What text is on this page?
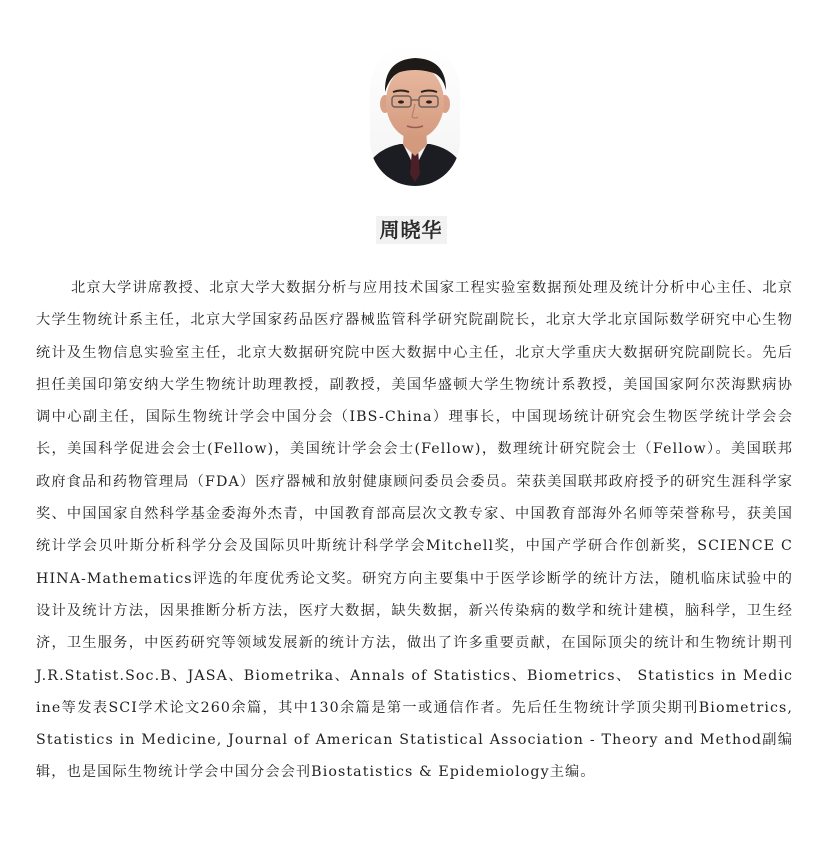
周晓华

北京大学讲席教授、北京大学大数据分析与应用技术国家工程实验室数据预处理及统计分析中心主任、北京大学生物统计系主任，北京大学国家药品医疗器械监管科学研究院副院长，北京大学北京国际数学研究中心生物统计及生物信息实验室主任，北京大数据研究院中医大数据中心主任，北京大学重庆大数据研究院副院长。先后担任美国印第安纳大学生物统计助理教授，副教授，美国华盛顿大学生物统计系教授，美国国家阿尔茨海默病协调中心副主任，国际生物统计学会中国分会（IBS-China）理事长，中国现场统计研究会生物医学统计学会会长，美国科学促进会会士(Fellow)，美国统计学会会士(Fellow)，数理统计研究院会士（Fellow）。美国联邦政府食品和药物管理局（FDA）医疗器械和放射健康顾问委员会委员。荣获美国联邦政府授予的研究生涯科学家奖、中国国家自然科学基金委海外杰青，中国教育部高层次文教专家、中国教育部海外名师等荣誉称号，获美国统计学会贝叶斯分析科学分会及国际贝叶斯统计科学学会Mitchell奖，中国产学研合作创新奖，SCIENCE CHINA-Mathematics评选的年度优秀论文奖。研究方向主要集中于医学诊断学的统计方法，随机临床试验中的设计及统计方法，因果推断分析方法，医疗大数据，缺失数据，新兴传染病的数学和统计建模，脑科学，卫生经济，卫生服务，中医药研究等领域发展新的统计方法，做出了许多重要贡献，在国际顶尖的统计和生物统计期刊J.R.Statist.Soc.B、JASA、Biometrika、Annals of Statistics、Biometrics、 Statistics in Medicine等发表SCI学术论文260余篇，其中130余篇是第一或通信作者。先后任生物统计学顶尖期刊Biometrics, Statistics in Medicine, Journal of American Statistical Association - Theory and Method副编辑，也是国际生物统计学会中国分会会刊Biostatistics & Epidemiology主编。
